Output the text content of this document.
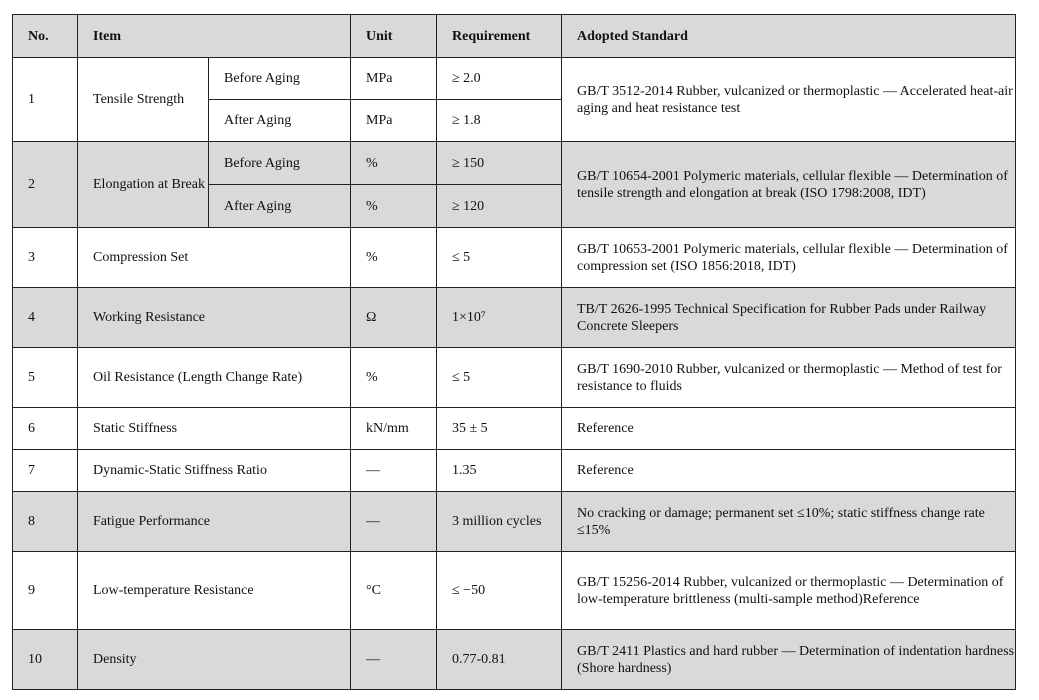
No.	Item		Unit	Requirement	Adopted Standard
1	Tensile Strength	Before Aging	MPa	≥ 2.0	GB/T 3512-2014 Rubber, vulcanized or thermoplastic — Accelerated heat-air aging and heat resistance test
		After Aging	MPa	≥ 1.8	
2	Elongation at Break	Before Aging	%	≥ 150	GB/T 10654-2001 Polymeric materials, cellular flexible — Determination of tensile strength and elongation at break (ISO 1798:2008, IDT)
		After Aging	%	≥ 120	
3	Compression Set		%	≤ 5	GB/T 10653-2001 Polymeric materials, cellular flexible — Determination of compression set (ISO 1856:2018, IDT)
4	Working Resistance		Ω	1×10⁷	TB/T 2626-1995 Technical Specification for Rubber Pads under Railway Concrete Sleepers
5	Oil Resistance (Length Change Rate)		%	≤ 5	GB/T 1690-2010 Rubber, vulcanized or thermoplastic — Method of test for resistance to fluids
6	Static Stiffness		kN/mm	35 ± 5	Reference
7	Dynamic-Static Stiffness Ratio		—	1.35	Reference
8	Fatigue Performance		—	3 million cycles	No cracking or damage; permanent set ≤10%; static stiffness change rate ≤15%
9	Low-temperature Resistance		°C	≤ −50	GB/T 15256-2014 Rubber, vulcanized or thermoplastic — Determination of low-temperature brittleness (multi-sample method)Reference
10	Density		—	0.77-0.81	GB/T 2411 Plastics and hard rubber — Determination of indentation hardness (Shore hardness)
